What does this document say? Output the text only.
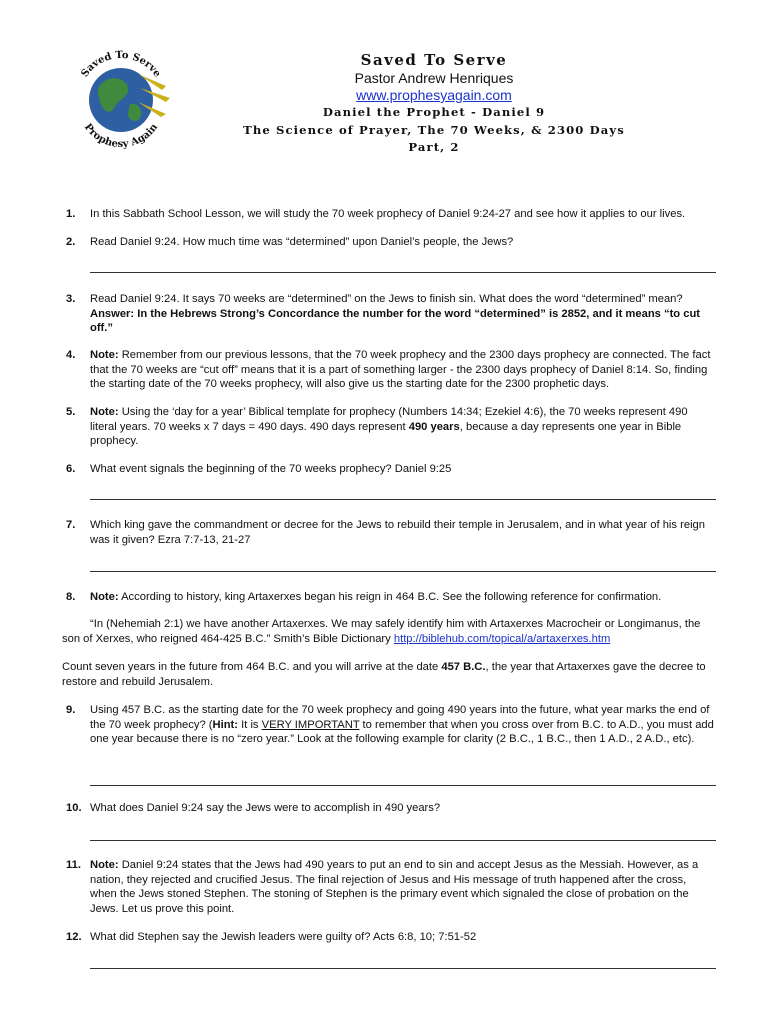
Saved To Serve
Prophesy Again
Saved To Serve
Pastor Andrew Henriques
www.prophesyagain.com
Daniel the Prophet - Daniel 9
The Science of Prayer, The 70 Weeks, & 2300 Days
Part, 2
1. In this Sabbath School Lesson, we will study the 70 week prophecy of Daniel 9:24-27 and see how it applies to our lives.
2. Read Daniel 9:24. How much time was “determined” upon Daniel’s people, the Jews?
3. Read Daniel 9:24. It says 70 weeks are “determined” on the Jews to finish sin. What does the word “determined” mean?
Answer: In the Hebrews Strong’s Concordance the number for the word “determined” is 2852, and it means “to cut off.”
4. Note: Remember from our previous lessons, that the 70 week prophecy and the 2300 days prophecy are connected. The fact that the 70 weeks are “cut off” means that it is a part of something larger - the 2300 days prophecy of Daniel 8:14. So, finding the starting date of the 70 weeks prophecy, will also give us the starting date for the 2300 prophetic days.
5. Note: Using the ‘day for a year’ Biblical template for prophecy (Numbers 14:34; Ezekiel 4:6), the 70 weeks represent 490 literal years. 70 weeks x 7 days = 490 days. 490 days represent 490 years, because a day represents one year in Bible prophecy.
6. What event signals the beginning of the 70 weeks prophecy? Daniel 9:25
7. Which king gave the commandment or decree for the Jews to rebuild their temple in Jerusalem, and in what year of his reign was it given? Ezra 7:7-13, 21-27
8. Note: According to history, king Artaxerxes began his reign in 464 B.C. See the following reference for confirmation.
“In (Nehemiah 2:1) we have another Artaxerxes. We may safely identify him with Artaxerxes Macrocheir or Longimanus, the son of Xerxes, who reigned 464-425 B.C.” Smith’s Bible Dictionary http://biblehub.com/topical/a/artaxerxes.htm
Count seven years in the future from 464 B.C. and you will arrive at the date 457 B.C., the year that Artaxerxes gave the decree to restore and rebuild Jerusalem.
9. Using 457 B.C. as the starting date for the 70 week prophecy and going 490 years into the future, what year marks the end of the 70 week prophecy? (Hint: It is VERY IMPORTANT to remember that when you cross over from B.C. to A.D., you must add one year because there is no “zero year.” Look at the following example for clarity (2 B.C., 1 B.C., then 1 A.D., 2 A.D., etc).
10. What does Daniel 9:24 say the Jews were to accomplish in 490 years?
11. Note: Daniel 9:24 states that the Jews had 490 years to put an end to sin and accept Jesus as the Messiah. However, as a nation, they rejected and crucified Jesus. The final rejection of Jesus and His message of truth happened after the cross, when the Jews stoned Stephen. The stoning of Stephen is the primary event which signaled the close of probation on the Jews. Let us prove this point.
12. What did Stephen say the Jewish leaders were guilty of? Acts 6:8, 10; 7:51-52
